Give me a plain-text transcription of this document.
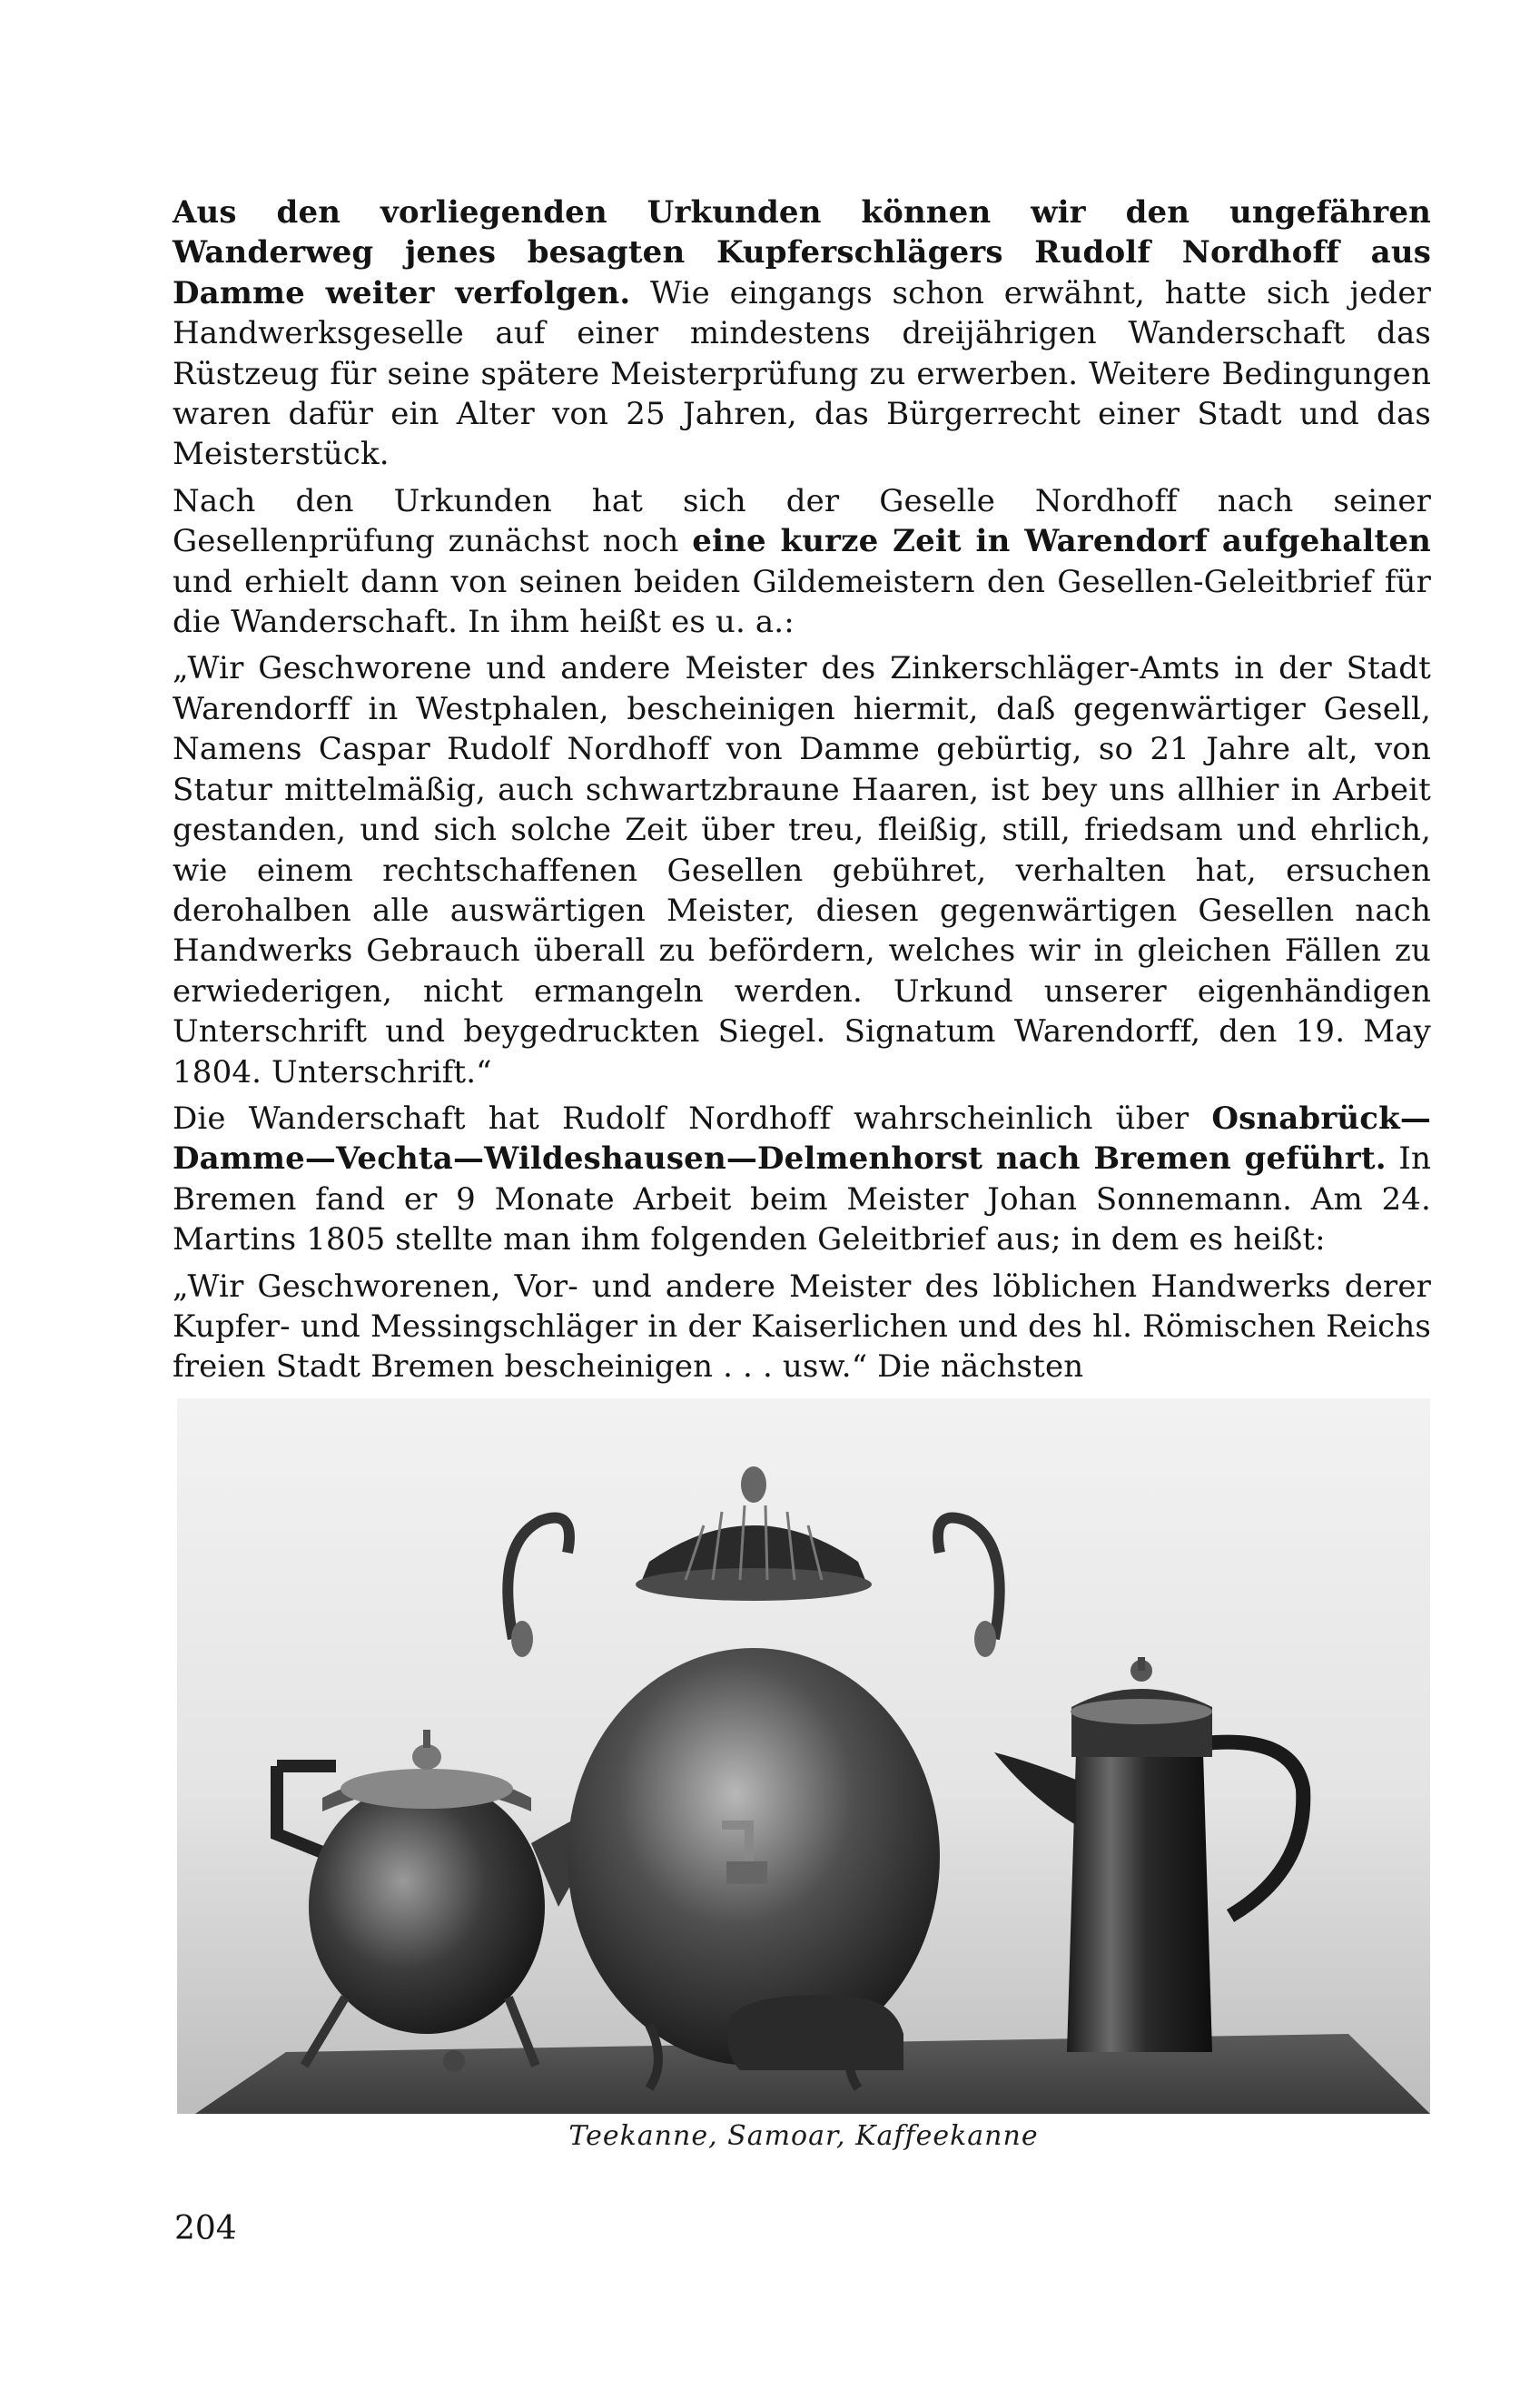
Aus den vorliegenden Urkunden können wir den ungefähren Wanderweg jenes besagten Kupferschlägers Rudolf Nordhoff aus Damme weiter verfolgen. Wie eingangs schon erwähnt, hatte sich jeder Handwerksgeselle auf einer mindestens dreijährigen Wanderschaft das Rüstzeug für seine spätere Meisterprüfung zu erwerben. Weitere Bedingungen waren dafür ein Alter von 25 Jahren, das Bürgerrecht einer Stadt und das Meisterstück.

Nach den Urkunden hat sich der Geselle Nordhoff nach seiner Gesellenprüfung zunächst noch eine kurze Zeit in Warendorf aufgehalten und erhielt dann von seinen beiden Gildemeistern den Gesellen-Geleitbrief für die Wanderschaft. In ihm heißt es u. a.:

„Wir Geschworene und andere Meister des Zinkerschläger-Amts in der Stadt Warendorff in Westphalen, bescheinigen hiermit, daß gegenwärtiger Gesell, Namens Caspar Rudolf Nordhoff von Damme gebürtig, so 21 Jahre alt, von Statur mittelmäßig, auch schwartzbraune Haaren, ist bey uns allhier in Arbeit gestanden, und sich solche Zeit über treu, fleißig, still, friedsam und ehrlich, wie einem rechtschaffenen Gesellen gebühret, verhalten hat, ersuchen derohalben alle auswärtigen Meister, diesen gegenwärtigen Gesellen nach Handwerks Gebrauch überall zu befördern, welches wir in gleichen Fällen zu erwiederigen, nicht ermangeln werden. Urkund unserer eigenhändigen Unterschrift und beygedruckten Siegel. Signatum Warendorff, den 19. May 1804. Unterschrift.“

Die Wanderschaft hat Rudolf Nordhoff wahrscheinlich über Osnabrück—Damme—Vechta—Wildeshausen—Delmenhorst nach Bremen geführt. In Bremen fand er 9 Monate Arbeit beim Meister Johan Sonnemann. Am 24. Martins 1805 stellte man ihm folgenden Geleitbrief aus; in dem es heißt:

„Wir Geschworenen, Vor- und andere Meister des löblichen Handwerks derer Kupfer- und Messingschläger in der Kaiserlichen und des hl. Römischen Reichs freien Stadt Bremen bescheinigen . . . usw.“ Die nächsten

Teekanne, Samoar, Kaffeekanne
204
